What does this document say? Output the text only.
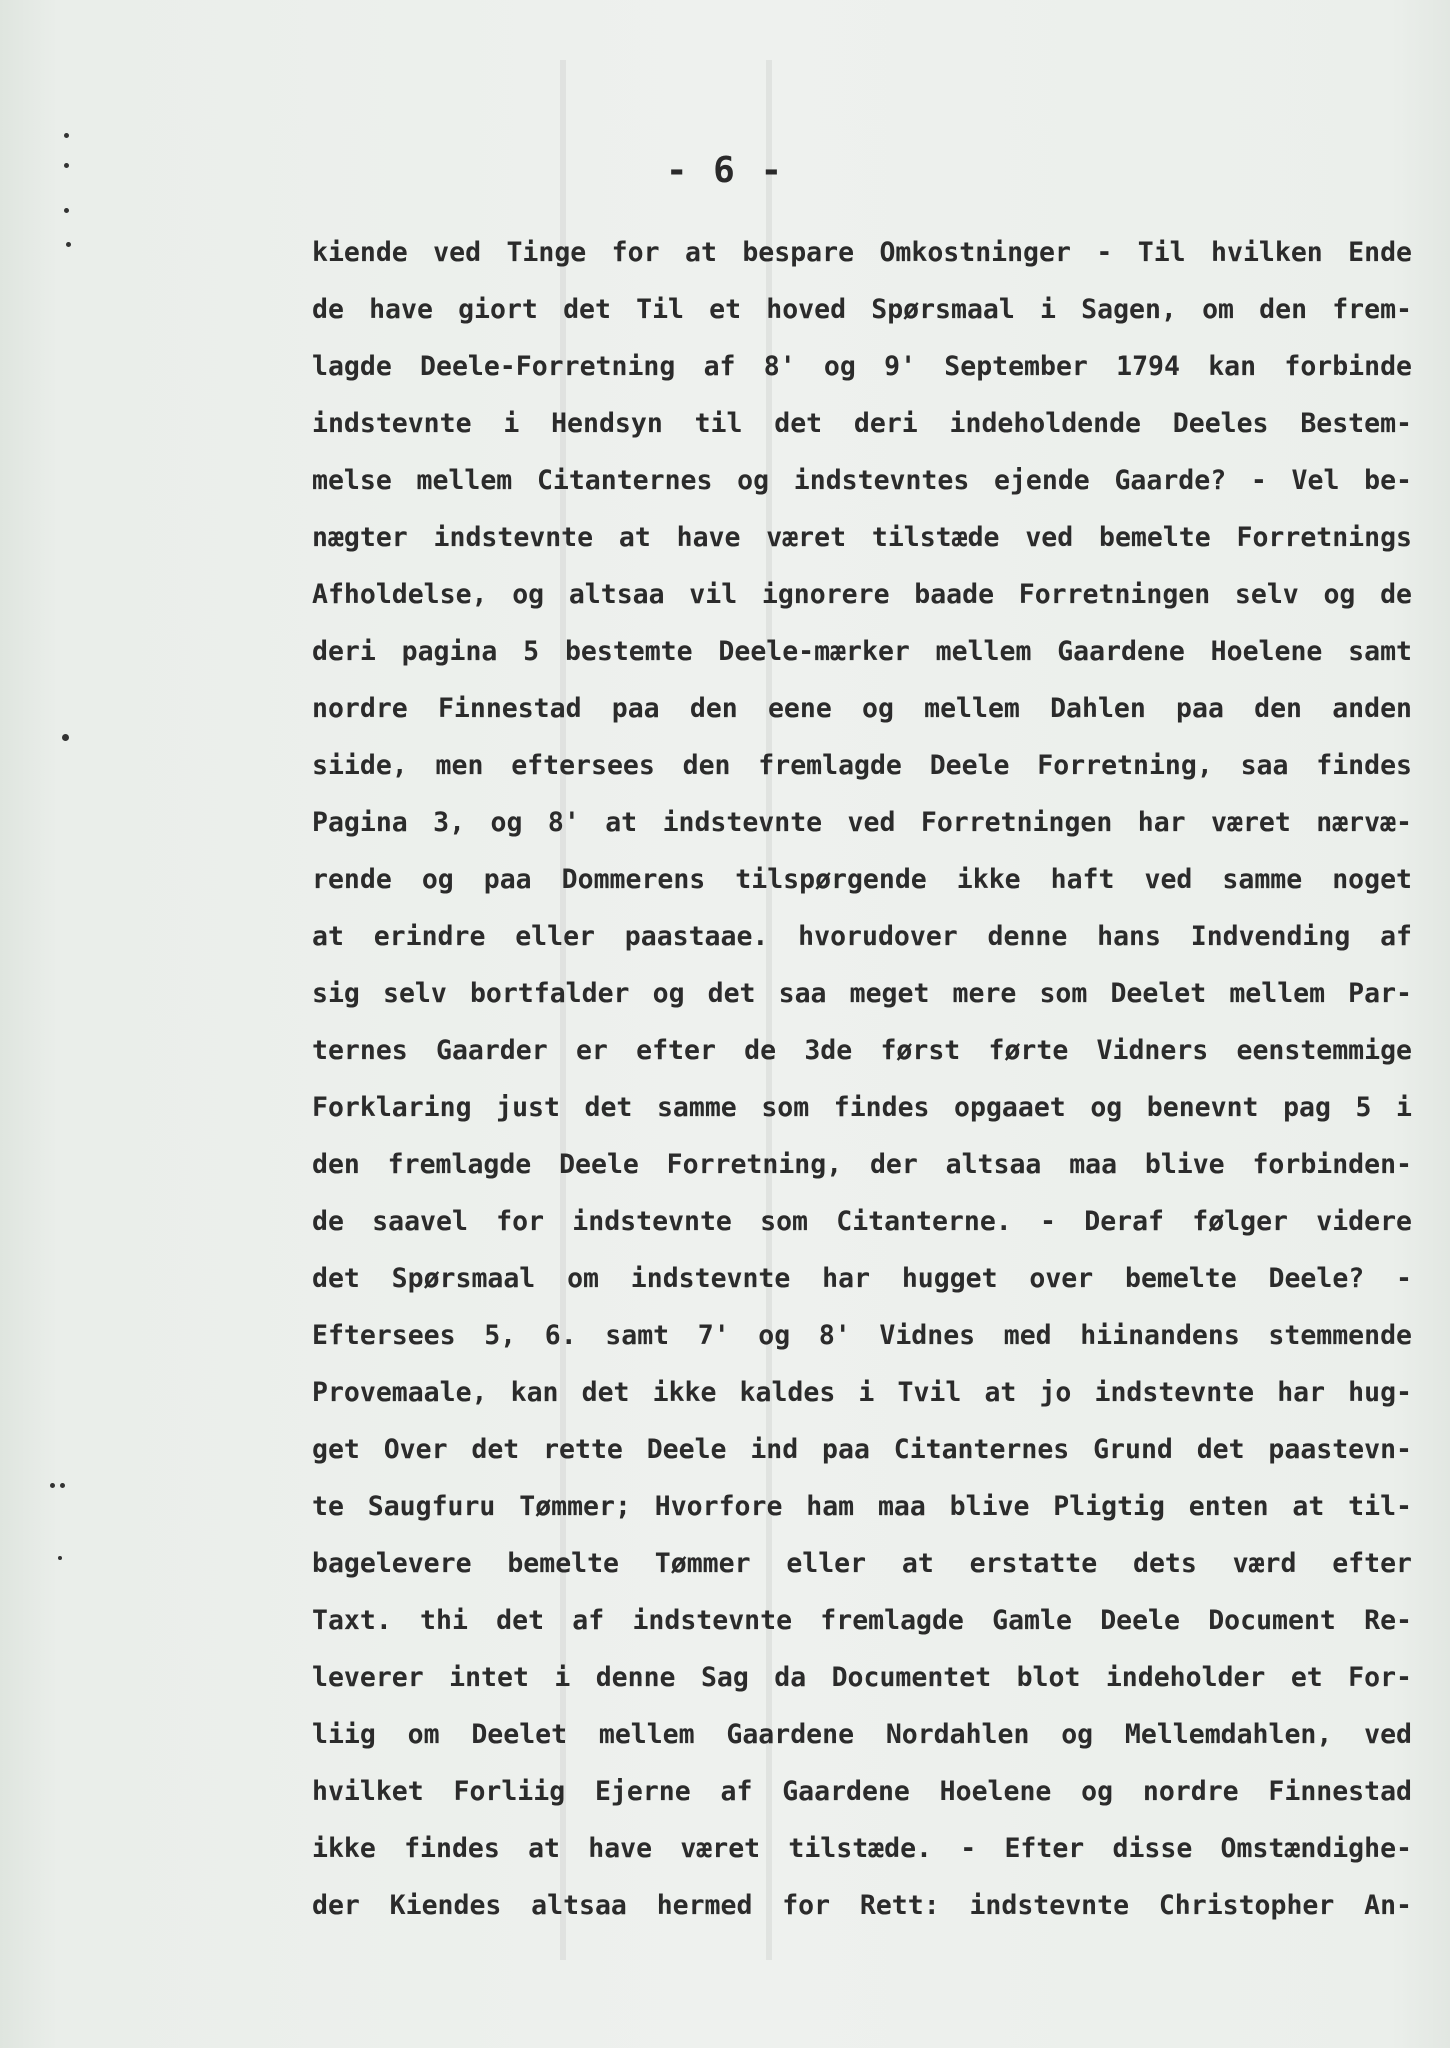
- 6 -
kiende ved Tinge for at bespare Omkostninger - Til hvilken Ende
de have giort det Til et hoved Spørsmaal i Sagen, om den frem-
lagde Deele-Forretning af 8' og 9' September 1794 kan forbinde
indstevnte i Hendsyn til det deri indeholdende Deeles Bestem-
melse mellem Citanternes og indstevntes ejende Gaarde? - Vel be-
nægter indstevnte at have været tilstæde ved bemelte Forretnings
Afholdelse, og altsaa vil ignorere baade Forretningen selv og de
deri pagina 5 bestemte Deele-mærker mellem Gaardene Hoelene samt
nordre Finnestad paa den eene og mellem Dahlen paa den anden
siide, men eftersees den fremlagde Deele Forretning, saa findes
Pagina 3, og 8' at indstevnte ved Forretningen har været nærvæ-
rende og paa Dommerens tilspørgende ikke haft ved samme noget
at erindre eller paastaae. hvorudover denne hans Indvending af
sig selv bortfalder og det saa meget mere som Deelet mellem Par-
ternes Gaarder er efter de 3de først førte Vidners eenstemmige
Forklaring just det samme som findes opgaaet og benevnt pag 5 i
den fremlagde Deele Forretning, der altsaa maa blive forbinden-
de saavel for indstevnte som Citanterne. - Deraf følger videre
det Spørsmaal om indstevnte har hugget over bemelte Deele? -
Eftersees 5, 6. samt 7' og 8' Vidnes med hiinandens stemmende
Provemaale, kan det ikke kaldes i Tvil at jo indstevnte har hug-
get Over det rette Deele ind paa Citanternes Grund det paastevn-
te Saugfuru Tømmer; Hvorfore ham maa blive Pligtig enten at til-
bagelevere bemelte Tømmer eller at erstatte dets værd efter
Taxt. thi det af indstevnte fremlagde Gamle Deele Document Re-
leverer intet i denne Sag da Documentet blot indeholder et For-
liig om Deelet mellem Gaardene Nordahlen og Mellemdahlen, ved
hvilket Forliig Ejerne af Gaardene Hoelene og nordre Finnestad
ikke findes at have været tilstæde. - Efter disse Omstændighe-
der Kiendes altsaa hermed for Rett: indstevnte Christopher An-
